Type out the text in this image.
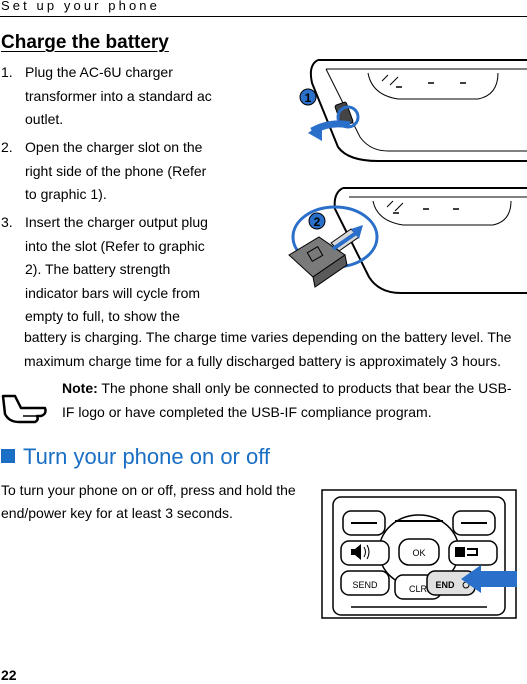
Set up your phone
Charge the battery
1. Plug the AC-6U charger
transformer into a standard ac
outlet.
2. Open the charger slot on the
right side of the phone (Refer
to graphic 1).
3. Insert the charger output plug
into the slot (Refer to graphic
2). The battery strength
indicator bars will cycle from
empty to full, to show the
battery is charging. The charge time varies depending on the battery level. The
maximum charge time for a fully discharged battery is approximately 3 hours.
1
2
Note: The phone shall only be connected to products that bear the USB-
IF logo or have completed the USB-IF compliance program.
Turn your phone on or off
To turn your phone on or off, press and hold the
end/power key for at least 3 seconds.
OK
SEND	CLR END
22
